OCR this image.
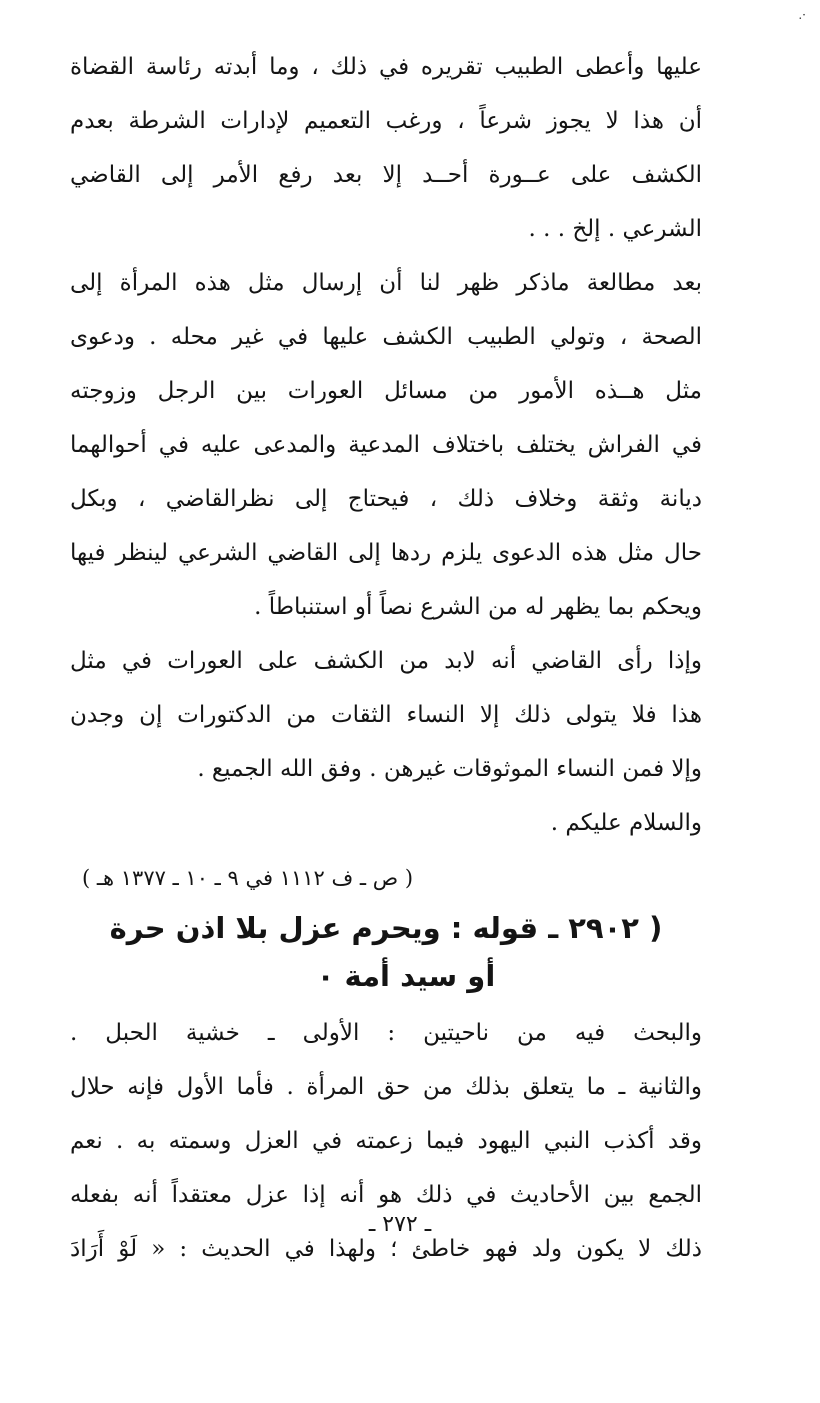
·.
عليها وأعطى الطبيب تقريره في ذلك ، وما أبدته رئاسة القضاة
أن هذا لا يجوز شرعاً ، ورغب التعميم لإدارات الشرطة بعدم
الكشف على عــورة أحــد إلا بعد رفع الأمر إلى القاضي
الشرعي . إلخ . . .
بعد مطالعة ماذكر ظهر لنا أن إرسال مثل هذه المرأة إلى
الصحة ، وتولي الطبيب الكشف عليها في غير محله . ودعوى
مثل هــذه الأمور من مسائل العورات بين الرجل وزوجته
في الفراش يختلف باختلاف المدعية والمدعى عليه في أحوالهما
ديانة وثقة وخلاف ذلك ، فيحتاج إلى نظرالقاضي ، وبكل
حال مثل هذه الدعوى يلزم ردها إلى القاضي الشرعي لينظر فيها
ويحكم بما يظهر له من الشرع نصاً أو استنباطاً .
وإذا رأى القاضي أنه لابد من الكشف على العورات في مثل
هذا فلا يتولى ذلك إلا النساء الثقات من الدكتورات إن وجدن
وإلا فمن النساء الموثوقات غيرهن . وفق الله الجميع .
والسلام عليكم .
( ص ـ ف ١١١٢ في ٩ ـ ١٠ ـ ١٣٧٧ هـ )
( ٢٩٠٢ ـ قوله : ويحرم عزل بلا اذن حرة
أو سيد أمة ٠
والبحث فيه من ناحيتين : الأولى ـ خشية الحبل .
والثانية ـ ما يتعلق بذلك من حق المرأة . فأما الأول فإنه حلال
وقد أكذب النبي اليهود فيما زعمته في العزل وسمته به . نعم
الجمع بين الأحاديث في ذلك هو أنه إذا عزل معتقداً أنه بفعله
ذلك لا يكون ولد فهو خاطئ ؛ ولهذا في الحديث : « لَوْ أَرَادَ
ـ ٢٧٢ ـ
